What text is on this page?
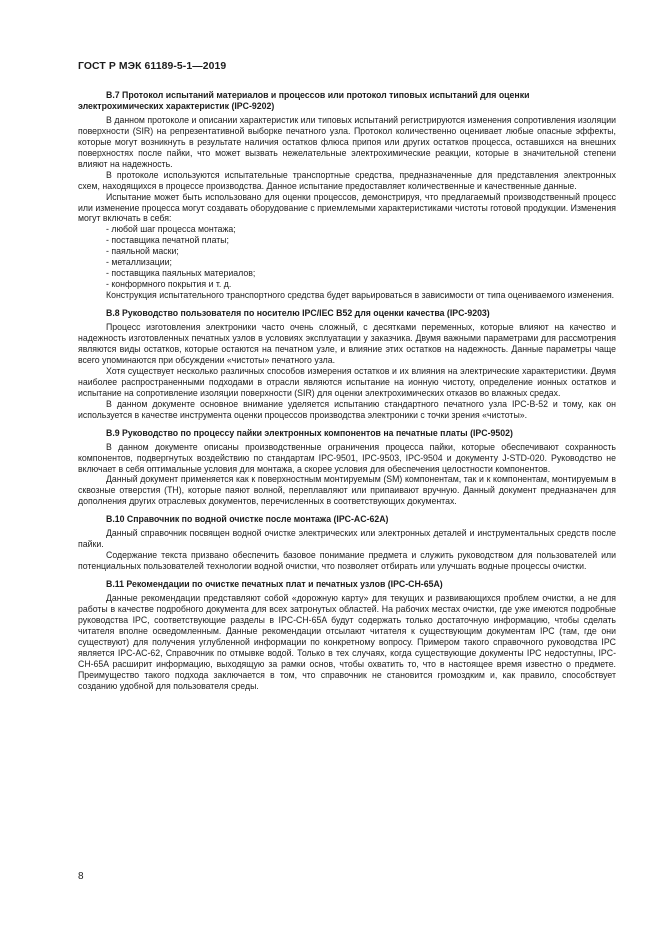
ГОСТ Р МЭК 61189-5-1—2019
B.7 Протокол испытаний материалов и процессов или протокол типовых испытаний для оценки электрохимических характеристик (IPC-9202)

В данном протоколе и описании характеристик или типовых испытаний регистрируются изменения сопротивления изоляции поверхности (SIR) на репрезентативной выборке печатного узла. Протокол количественно оценивает любые опасные эффекты, которые могут возникнуть в результате наличия остатков флюса припоя или других остатков процесса, оставшихся на внешних поверхностях после пайки, что может вызвать нежелательные электрохимические реакции, которые в значительной степени влияют на надежность.

В протоколе используются испытательные транспортные средства, предназначенные для представления электронных схем, находящихся в процессе производства. Данное испытание предоставляет количественные и качественные данные.

Испытание может быть использовано для оценки процессов, демонстрируя, что предлагаемый производственный процесс или изменение процесса могут создавать оборудование с приемлемыми характеристиками чистоты готовой продукции. Изменения могут включать в себя:

- любой шаг процесса монтажа;
- поставщика печатной платы;
- паяльной маски;
- металлизации;
- поставщика паяльных материалов;
- конформного покрытия и т. д.

Конструкция испытательного транспортного средства будет варьироваться в зависимости от типа оцениваемого изменения.

B.8 Руководство пользователя по носителю IPC/IEC B52 для оценки качества (IPC-9203)

Процесс изготовления электроники часто очень сложный, с десятками переменных, которые влияют на качество и надежность изготовленных печатных узлов в условиях эксплуатации у заказчика. Двумя важными параметрами для рассмотрения являются виды остатков, которые остаются на печатном узле, и влияние этих остатков на надежность. Данные параметры чаще всего упоминаются при обсуждении «чистоты» печатного узла.

Хотя существует несколько различных способов измерения остатков и их влияния на электрические характеристики. Двумя наиболее распространенными подходами в отрасли являются испытание на ионную чистоту, определение ионных остатков и испытание на сопротивление изоляции поверхности (SIR) для оценки электрохимических отказов во влажных средах.

В данном документе основное внимание уделяется испытанию стандартного печатного узла IPC-B-52 и тому, как он используется в качестве инструмента оценки процессов производства электроники с точки зрения «чистоты».

B.9 Руководство по процессу пайки электронных компонентов на печатные платы (IPC-9502)

В данном документе описаны производственные ограничения процесса пайки, которые обеспечивают сохранность компонентов, подвергнутых воздействию по стандартам IPC-9501, IPC-9503, IPC-9504 и документу J-STD-020. Руководство не включает в себя оптимальные условия для монтажа, а скорее условия для обеспечения целостности компонентов.

Данный документ применяется как к поверхностным монтируемым (SM) компонентам, так и к компонентам, монтируемым в сквозные отверстия (TH), которые паяют волной, переплавляют или припаивают вручную. Данный документ предназначен для дополнения других отраслевых документов, перечисленных в соответствующих документах.

B.10 Справочник по водной очистке после монтажа (IPC-AC-62A)

Данный справочник посвящен водной очистке электрических или электронных деталей и инструментальных средств после пайки.

Содержание текста призвано обеспечить базовое понимание предмета и служить руководством для пользователей или потенциальных пользователей технологии водной очистки, что позволяет отбирать или улучшать водные процессы очистки.

B.11 Рекомендации по очистке печатных плат и печатных узлов (IPC-CH-65A)

Данные рекомендации представляют собой «дорожную карту» для текущих и развивающихся проблем очистки, а не для работы в качестве подробного документа для всех затронутых областей. На рабочих местах очистки, где уже имеются подробные руководства IPC, соответствующие разделы в IPC-CH-65A будут содержать только достаточную информацию, чтобы сделать читателя вполне осведомленным. Данные рекомендации отсылают читателя к существующим документам IPC (там, где они существуют) для получения углубленной информации по конкретному вопросу. Примером такого справочного руководства IPC является IPC-AC-62, Справочник по отмывке водой. Только в тех случаях, когда существующие документы IPC недоступны, IPC-CH-65A расширит информацию, выходящую за рамки основ, чтобы охватить то, что в настоящее время известно о предмете. Преимущество такого подхода заключается в том, что справочник не становится громоздким и, как правило, способствует созданию удобной для пользователя среды.

8
